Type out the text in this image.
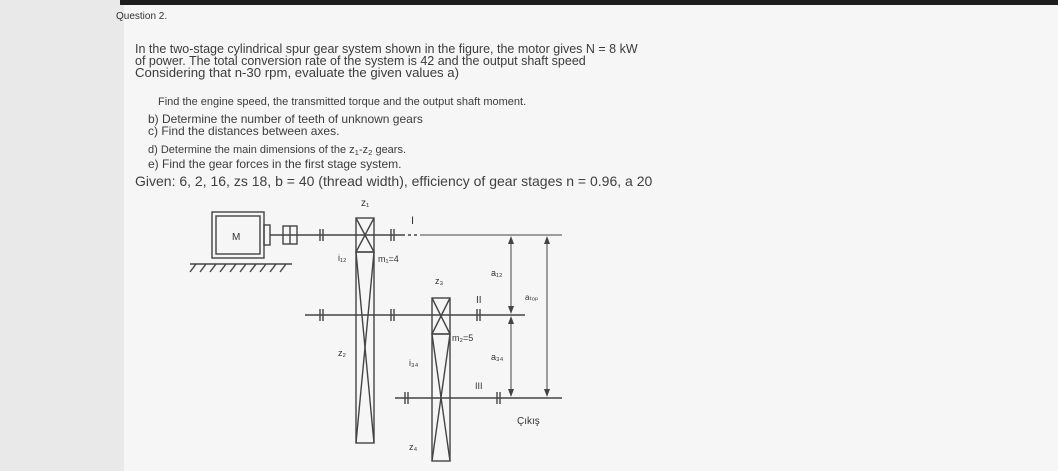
Question 2.
In the two-stage cylindrical spur gear system shown in the figure, the motor gives N = 8 kW
of power. The total conversion rate of the system is 42 and the output shaft speed
Considering that n-30 rpm, evaluate the given values a)
Find the engine speed, the transmitted torque and the output shaft moment.
b) Determine the number of teeth of unknown gears
c) Find the distances between axes.
d) Determine the main dimensions of the $z_1-z_2$ gears.
e) Find the gear forces in the first stage system.
Given: 6, 2, 16, zs 18, b = 40 (thread width), efficiency of gear stages n = 0.96, a 20
M
z₁
I
i₁₂	m₁=4
z₂
z₃
II
m₂=5
i₃₄
III
z₄
a₁₂
a₃₄
aₜₒₚ
Çıkış
